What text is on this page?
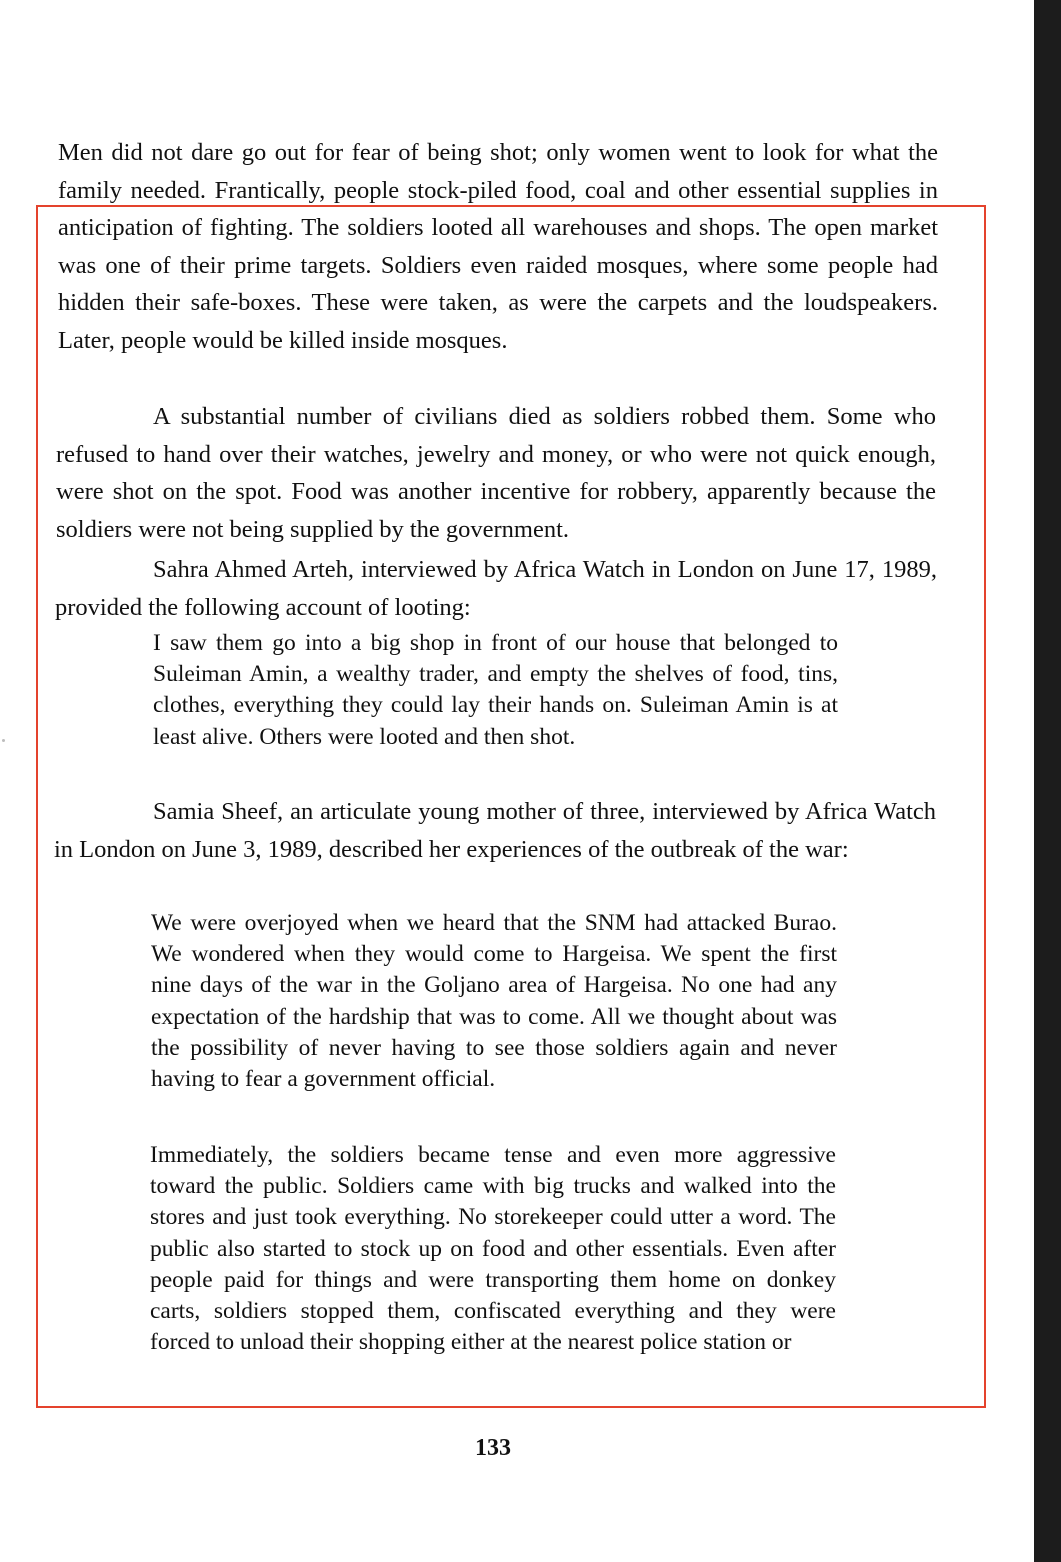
Men did not dare go out for fear of being shot; only women went to look for what the family needed. Frantically, people stock-piled food, coal and other essential supplies in anticipation of fighting. The soldiers looted all warehouses and shops. The open market was one of their prime targets. Soldiers even raided mosques, where some people had hidden their safe-boxes. These were taken, as were the carpets and the loudspeakers. Later, people would be killed inside mosques.

A substantial number of civilians died as soldiers robbed them. Some who refused to hand over their watches, jewelry and money, or who were not quick enough, were shot on the spot. Food was another incentive for robbery, apparently because the soldiers were not being supplied by the government.

Sahra Ahmed Arteh, interviewed by Africa Watch in London on June 17, 1989, provided the following account of looting:

I saw them go into a big shop in front of our house that belonged to Suleiman Amin, a wealthy trader, and empty the shelves of food, tins, clothes, everything they could lay their hands on. Suleiman Amin is at least alive. Others were looted and then shot.

Samia Sheef, an articulate young mother of three, interviewed by Africa Watch in London on June 3, 1989, described her experiences of the outbreak of the war:

We were overjoyed when we heard that the SNM had attacked Burao. We wondered when they would come to Hargeisa. We spent the first nine days of the war in the Goljano area of Hargeisa. No one had any expectation of the hardship that was to come. All we thought about was the possibility of never having to see those soldiers again and never having to fear a government official.

Immediately, the soldiers became tense and even more aggressive toward the public. Soldiers came with big trucks and walked into the stores and just took everything. No storekeeper could utter a word. The public also started to stock up on food and other essentials. Even after people paid for things and were transporting them home on donkey carts, soldiers stopped them, confiscated everything and they were forced to unload their shopping either at the nearest police station or

133
